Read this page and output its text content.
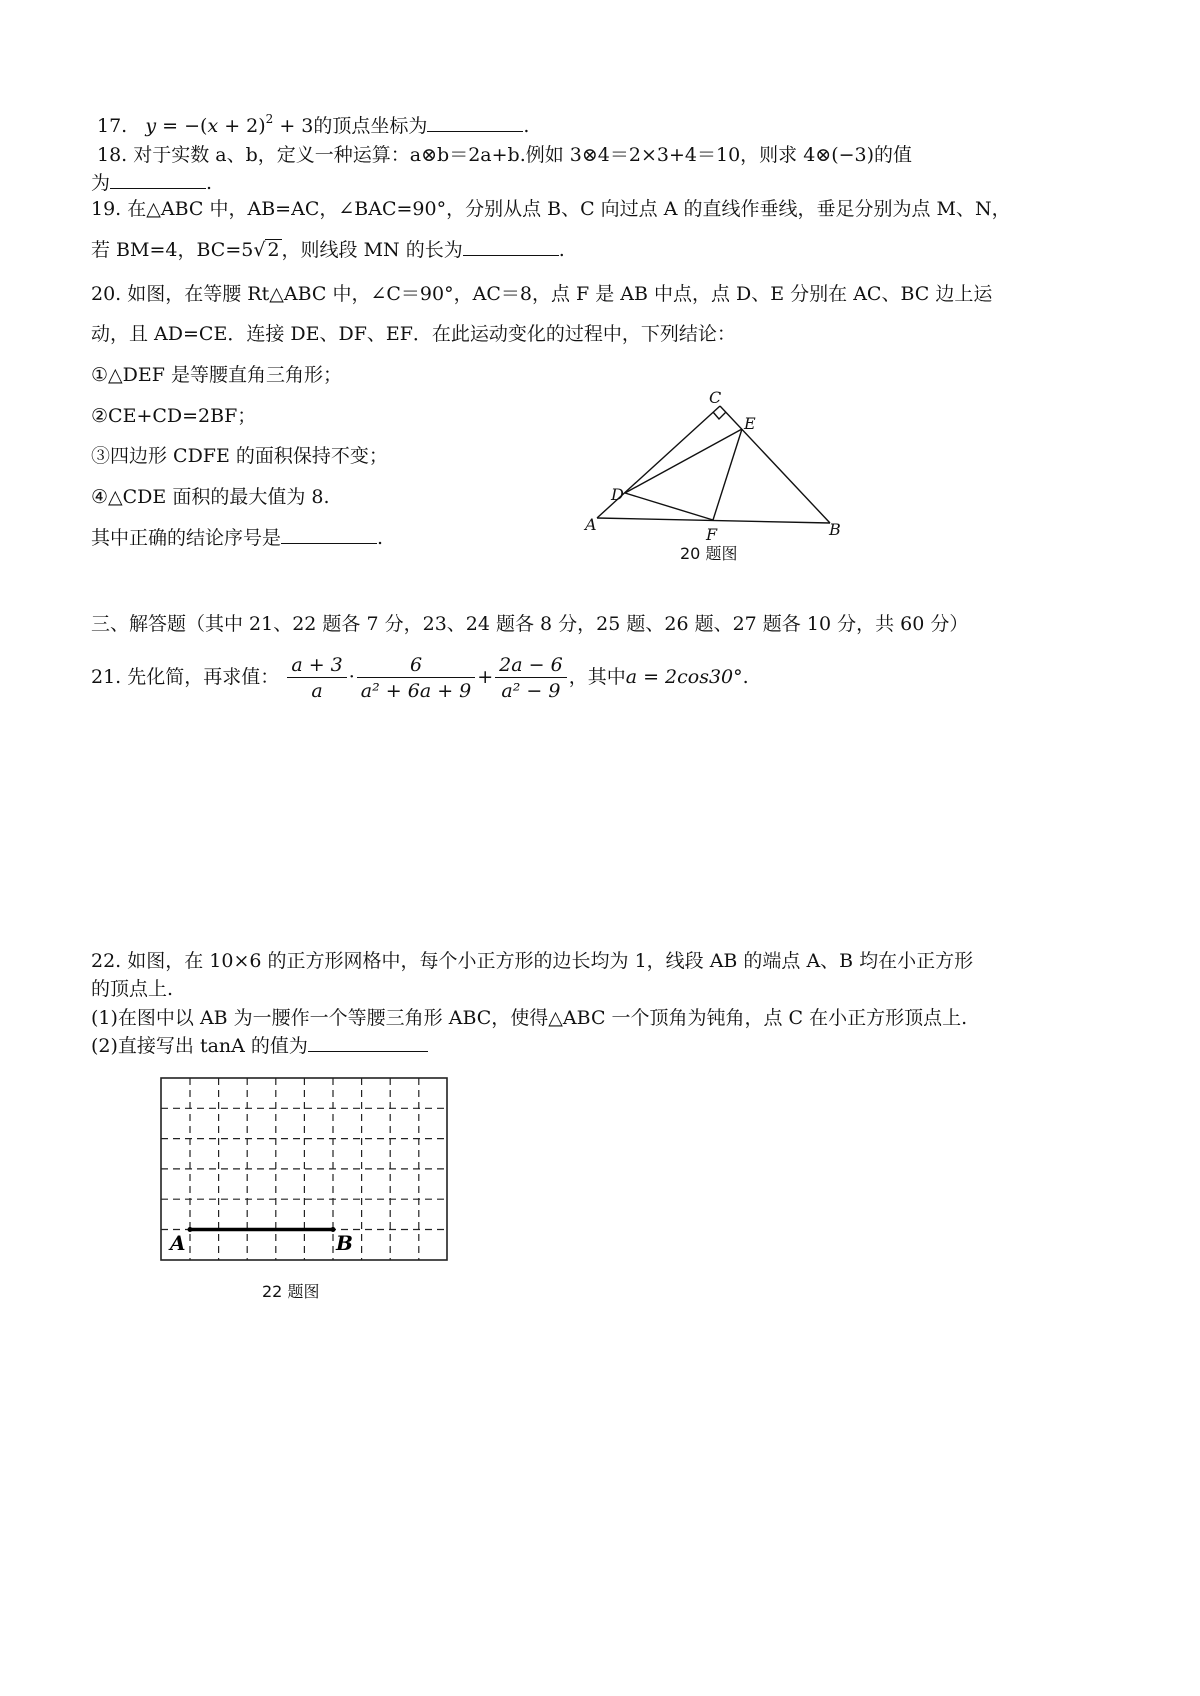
17. $y = -(x + 2)^2 + 3$的顶点坐标为	.
18. 对于实数 a、b，定义一种运算：a⊗b＝2a+b.例如 3⊗4＝2×3+4＝10，则求 4⊗(−3)的值
为	.
19. 在△ABC 中，AB=AC，∠BAC=90°，分别从点 B、C 向过点 A 的直线作垂线，垂足分别为点 M、N，
若 BM=4，BC=5√ 2 ，则线段 MN 的长为	.
20. 如图，在等腰 Rt△ABC 中，∠C＝90°，AC＝8，点 F 是 AB 中点，点 D、E 分别在 AC、BC 边上运
动，且 AD=CE．连接 DE、DF、EF．在此运动变化的过程中，下列结论：
①△DEF 是等腰直角三角形；
②CE+CD=2BF；
③四边形 CDFE 的面积保持不变；
④△CDE 面积的最大值为 8.
其中正确的结论序号是	.
A	B
C
D
E
F
20 题图
三、解答题（其中 21、22 题各 7 分，23、24 题各 8 分，25 题、26 题、27 题各 10 分，共 60 分）
21. 先化简，再求值： $\frac{a + 3}{a} \cdot \frac{6}{\text{a² + 6a + 9}} + \frac{2a - 6}{\text{a² − 9}}$ ，其中a = 2cos30°.
22. 如图，在 10×6 的正方形网格中，每个小正方形的边长均为 1，线段 AB 的端点 A、B 均在小正方形
的顶点上.
(1)在图中以 AB 为一腰作一个等腰三角形 ABC，使得△ABC 一个顶角为钝角，点 C 在小正方形顶点上.
(2)直接写出 tanA 的值为
A	B
22 题图
